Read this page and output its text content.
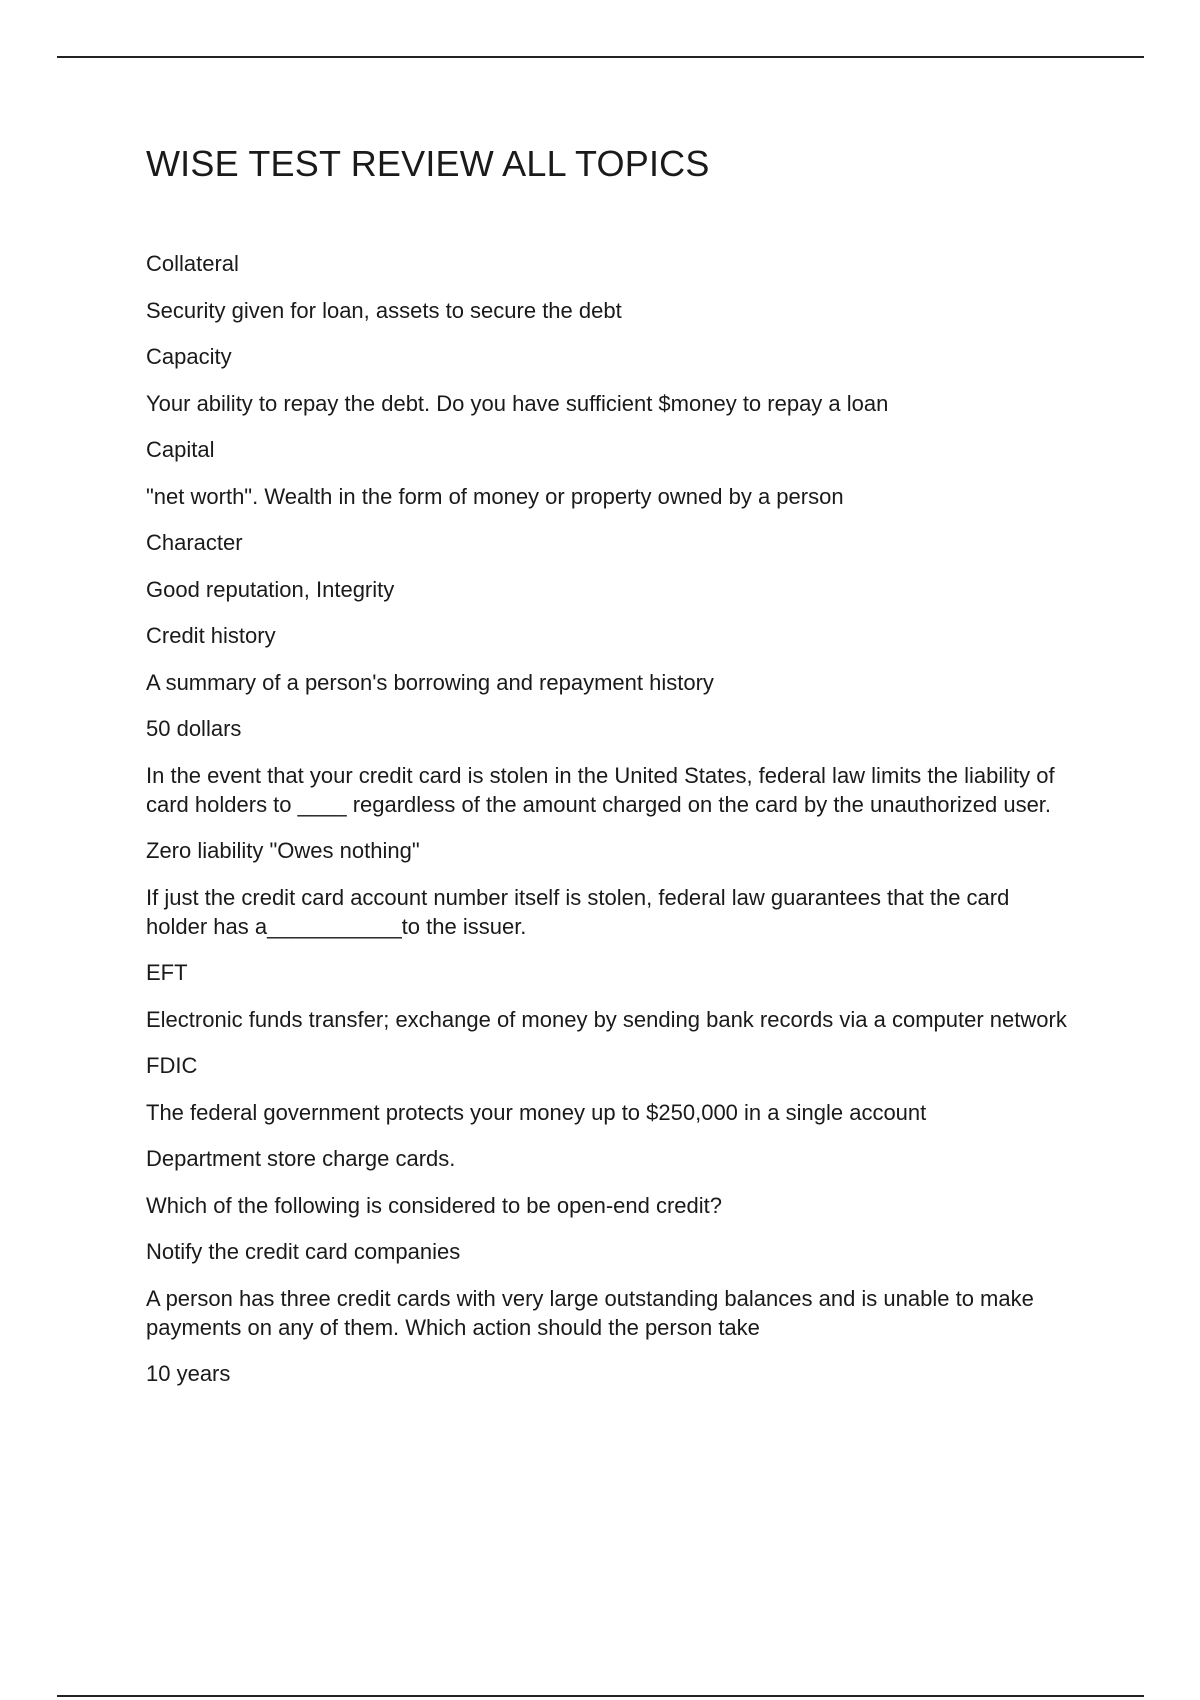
WISE TEST REVIEW ALL TOPICS

Collateral

Security given for loan, assets to secure the debt

Capacity

Your ability to repay the debt. Do you have sufficient $money to repay a loan

Capital

"net worth". Wealth in the form of money or property owned by a person

Character

Good reputation, Integrity

Credit history

A summary of a person's borrowing and repayment history

50 dollars

In the event that your credit card is stolen in the United States, federal law limits the liability of card holders to ____ regardless of the amount charged on the card by the unauthorized user.

Zero liability "Owes nothing"

If just the credit card account number itself is stolen, federal law guarantees that the card holder has a___________to the issuer.

EFT

Electronic funds transfer; exchange of money by sending bank records via a computer network

FDIC

The federal government protects your money up to $250,000 in a single account

Department store charge cards.

Which of the following is considered to be open-end credit?

Notify the credit card companies

A person has three credit cards with very large outstanding balances and is unable to make payments on any of them. Which action should the person take

10 years
